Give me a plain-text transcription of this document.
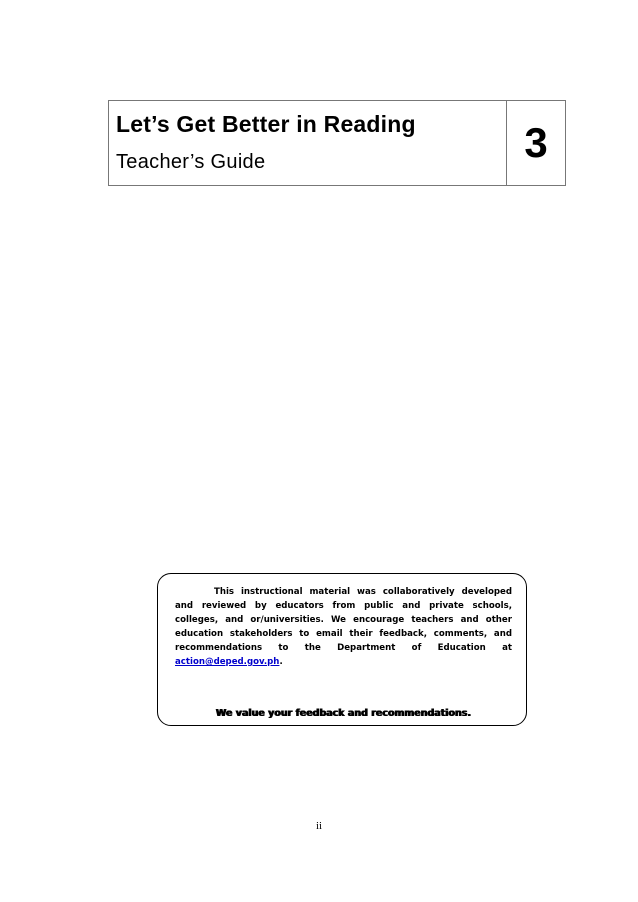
Let’s Get Better in Reading
Teacher’s Guide	3

This instructional material was collaboratively developed and reviewed by educators from public and private schools, colleges, and or/universities. We encourage teachers and other education stakeholders to email their feedback, comments, and recommendations to the Department of Education at action@deped.gov.ph.

We value your feedback and recommendations.
ii
